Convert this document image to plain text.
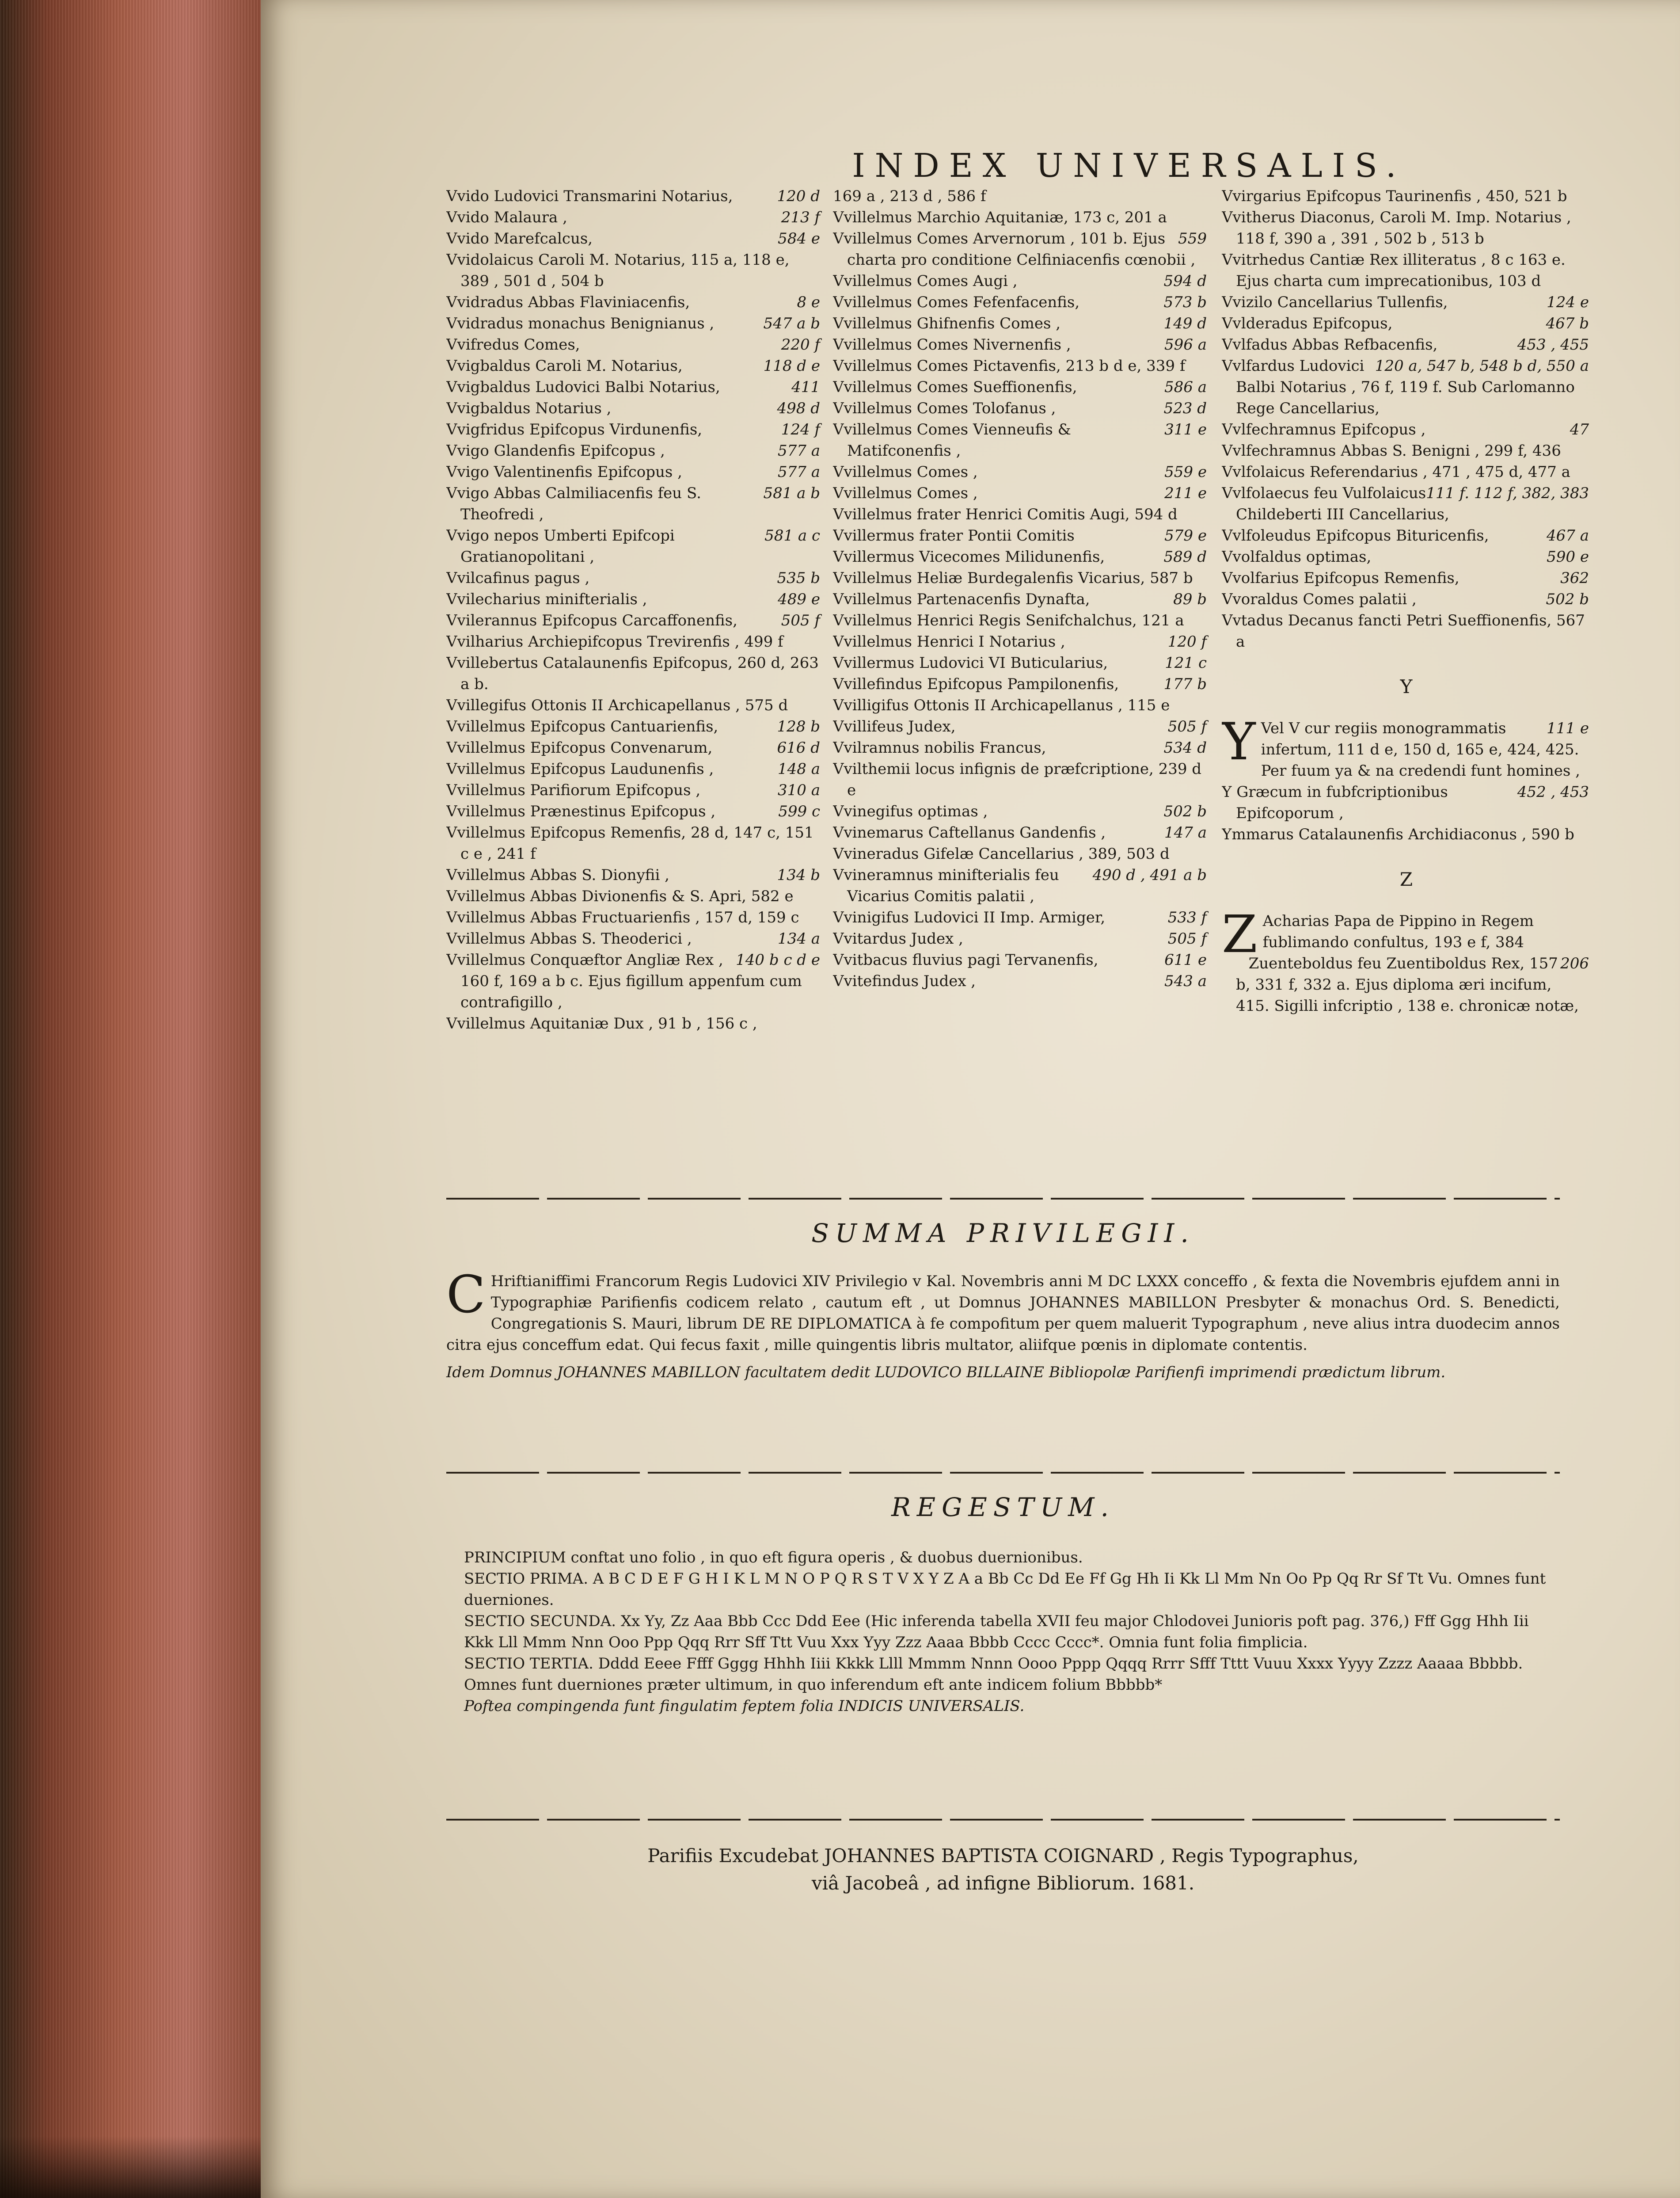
INDEX UNIVERSALIS.
120 d
Vvido Ludovici Transmarini Notarius,
213 f
Vvido Malaura ,
584 e
Vvido Marefcalcus,
Vvidolaicus Caroli M. Notarius, 115 a, 118 e, 389 , 501 d , 504 b
8 e
Vvidradus Abbas Flaviniacenfis,
547 a b
Vvidradus monachus Benignianus ,
220 f
Vvifredus Comes,
118 d e
Vvigbaldus Caroli M. Notarius,
411
Vvigbaldus Ludovici Balbi Notarius,
498 d
Vvigbaldus Notarius ,
124 f
Vvigfridus Epifcopus Virdunenfis,
577 a
Vvigo Glandenfis Epifcopus ,
577 a
Vvigo Valentinenfis Epifcopus ,
581 a b
Vvigo Abbas Calmiliacenfis feu S. Theofredi ,
581 a c
Vvigo nepos Umberti Epifcopi Gratianopolitani ,
535 b
Vvilcafinus pagus ,
489 e
Vvilecharius minifterialis ,
505 f
Vvilerannus Epifcopus Carcaffonenfis,
Vvilharius Archiepifcopus Trevirenfis , 499 f
Vvillebertus Catalaunenfis Epifcopus, 260 d, 263 a b.
Vvillegifus Ottonis II Archicapellanus , 575 d
128 b
Vvillelmus Epifcopus Cantuarienfis,
616 d
Vvillelmus Epifcopus Convenarum,
148 a
Vvillelmus Epifcopus Laudunenfis ,
310 a
Vvillelmus Parifiorum Epifcopus ,
599 c
Vvillelmus Prænestinus Epifcopus ,
Vvillelmus Epifcopus Remenfis, 28 d, 147 c, 151 c e , 241 f
134 b
Vvillelmus Abbas S. Dionyfii ,
Vvillelmus Abbas Divionenfis & S. Apri, 582 e
Vvillelmus Abbas Fructuarienfis , 157 d, 159 c
134 a
Vvillelmus Abbas S. Theoderici ,
140 b c d e
Vvillelmus Conquæftor Angliæ Rex , 160 f, 169 a b c. Ejus figillum appenfum cum contrafigillo ,
Vvillelmus Aquitaniæ Dux , 91 b , 156 c ,
169 a , 213 d , 586 f
Vvillelmus Marchio Aquitaniæ, 173 c, 201 a
559
Vvillelmus Comes Arvernorum , 101 b. Ejus charta pro conditione Celfiniacenfis cœnobii ,
594 d
Vvillelmus Comes Augi ,
573 b
Vvillelmus Comes Fefenfacenfis,
149 d
Vvillelmus Ghifnenfis Comes ,
596 a
Vvillelmus Comes Nivernenfis ,
Vvillelmus Comes Pictavenfis, 213 b d e, 339 f
586 a
Vvillelmus Comes Sueffionenfis,
523 d
Vvillelmus Comes Tolofanus ,
311 e
Vvillelmus Comes Vienneufis & Matifconenfis ,
559 e
Vvillelmus Comes ,
211 e
Vvillelmus Comes ,
Vvillelmus frater Henrici Comitis Augi, 594 d
579 e
Vvillermus frater Pontii Comitis
589 d
Vvillermus Vicecomes Milidunenfis,
Vvillelmus Heliæ Burdegalenfis Vicarius, 587 b
89 b
Vvillelmus Partenacenfis Dynafta,
Vvillelmus Henrici Regis Senifchalchus, 121 a
120 f
Vvillelmus Henrici I Notarius ,
121 c
Vvillermus Ludovici VI Buticularius,
177 b
Vvillefindus Epifcopus Pampilonenfis,
Vvilligifus Ottonis II Archicapellanus , 115 e
505 f
Vvillifeus Judex,
534 d
Vvilramnus nobilis Francus,
Vvilthemii locus infignis de præfcriptione, 239 d e
502 b
Vvinegifus optimas ,
147 a
Vvinemarus Caftellanus Gandenfis ,
Vvineradus Gifelæ Cancellarius , 389, 503 d
490 d , 491 a b
Vvineramnus minifterialis feu Vicarius Comitis palatii ,
533 f
Vvinigifus Ludovici II Imp. Armiger,
505 f
Vvitardus Judex ,
611 e
Vvitbacus fluvius pagi Tervanenfis,
543 a
Vvitefindus Judex ,
Vvirgarius Epifcopus Taurinenfis , 450, 521 b
Vvitherus Diaconus, Caroli M. Imp. Notarius , 118 f, 390 a , 391 , 502 b , 513 b
Vvitrhedus Cantiæ Rex illiteratus , 8 c 163 e. Ejus charta cum imprecationibus, 103 d
124 e
Vvizilo Cancellarius Tullenfis,
467 b
Vvlderadus Epifcopus,
453 , 455
Vvlfadus Abbas Refbacenfis,
120 a, 547 b, 548 b d, 550 a
Vvlfardus Ludovici Balbi Notarius , 76 f, 119 f. Sub Carlomanno Rege Cancellarius,
47
Vvlfechramnus Epifcopus ,
Vvlfechramnus Abbas S. Benigni , 299 f, 436
Vvlfolaicus Referendarius , 471 , 475 d, 477 a
111 f. 112 f, 382, 383
Vvlfolaecus feu Vulfolaicus Childeberti III Cancellarius,
467 a
Vvlfoleudus Epifcopus Bituricenfis,
590 e
Vvolfaldus optimas,
362
Vvolfarius Epifcopus Remenfis,
502 b
Vvoraldus Comes palatii ,
Vvtadus Decanus fancti Petri Sueffionenfis, 567 a
Y
Y	111 e
Vel V cur regiis monogrammatis infertum, 111 d e, 150 d, 165 e, 424, 425. Per fuum ya & na credendi funt homines ,
452 , 453
Y Græcum in fubfcriptionibus Epifcoporum ,
Ymmarus Catalaunenfis Archidiaconus , 590 b
Z
Z Acharias Papa de Pippino in Regem fublimando confultus, 193 e f, 384
206
Zuenteboldus feu Zuentiboldus Rex, 157 b, 331 f, 332 a. Ejus diploma æri incifum, 415. Sigilli infcriptio , 138 e. chronicæ notæ,
SUMMA PRIVILEGII.
C Hriftianiffimi Francorum Regis Ludovici XIV Privilegio v Kal. Novembris anni M DC LXXX conceffo , & fexta die Novembris ejufdem anni in Typographiæ Parifienfis codicem relato , cautum eft , ut Domnus JOHANNES MABILLON Presbyter & monachus Ord. S. Benedicti, Congregationis S. Mauri, librum DE RE DIPLOMATICA à fe compofitum per quem maluerit Typographum , neve alius intra duodecim annos citra ejus conceffum edat. Qui fecus faxit , mille quingentis libris multator, aliifque pœnis in diplomate contentis.
Idem Domnus JOHANNES MABILLON facultatem dedit LUDOVICO BILLAINE Bibliopolæ Parifienfi imprimendi prædictum librum.
REGESTUM.
PRINCIPIUM conftat uno folio , in quo eft figura operis , & duobus duernionibus.
SECTIO PRIMA. A B C D E F G H I K L M N O P Q R S T V X Y Z A a Bb Cc Dd Ee Ff Gg Hh Ii Kk Ll Mm Nn Oo Pp Qq Rr Sf Tt Vu. Omnes funt duerniones.
SECTIO SECUNDA. Xx Yy, Zz Aaa Bbb Ccc Ddd Eee (Hic inferenda tabella XVII feu major Chlodovei Junioris poft pag. 376,) Fff Ggg Hhh Iii Kkk Lll Mmm Nnn Ooo Ppp Qqq Rrr Sff Ttt Vuu Xxx Yyy Zzz Aaaa Bbbb Cccc Cccc*. Omnia funt folia fimplicia.
SECTIO TERTIA. Dddd Eeee Ffff Gggg Hhhh Iiii Kkkk Llll Mmmm Nnnn Oooo Pppp Qqqq Rrrr Sfff Tttt Vuuu Xxxx Yyyy Zzzz Aaaaa Bbbbb. Omnes funt duerniones præter ultimum, in quo inferendum eft ante indicem folium Bbbbb*
Poftea compingenda funt fingulatim feptem folia INDICIS UNIVERSALIS.
Parifiis Excudebat JOHANNES BAPTISTA COIGNARD , Regis Typographus,
viâ Jacobeâ , ad infigne Bibliorum. 1681.
